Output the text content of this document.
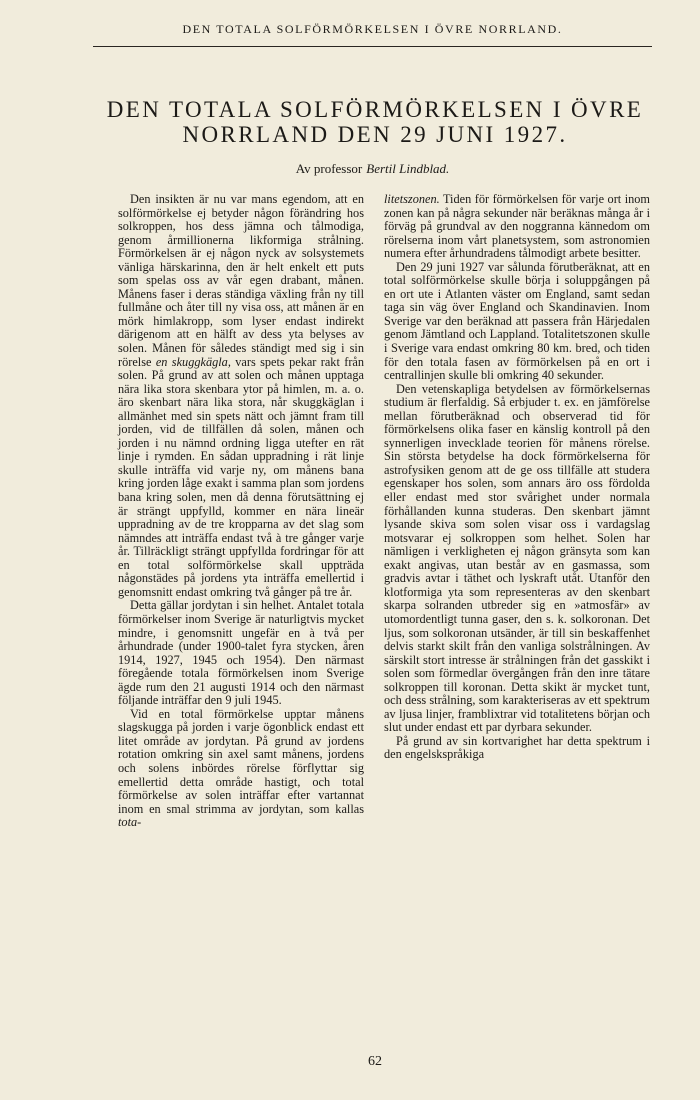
DEN TOTALA SOLFÖRMÖRKELSEN I ÖVRE NORRLAND.
DEN TOTALA SOLFÖRMÖRKELSEN I ÖVRE
NORRLAND DEN 29 JUNI 1927.
Av professor Bertil Lindblad.

Den insikten är nu var mans egendom, att en solförmörkelse ej betyder någon förändring hos solkroppen, hos dess jämna och tålmodiga, genom årmillionerna likformiga strålning. Förmörkelsen är ej någon nyck av solsystemets vänliga härskarinna, den är helt enkelt ett puts som spelas oss av vår egen drabant, månen. Månens faser i deras ständiga växling från ny till fullmåne och åter till ny visa oss, att månen är en mörk himlakropp, som lyser endast indirekt därigenom att en hälft av dess yta belyses av solen. Månen för således ständigt med sig i sin rörelse en skuggkägla, vars spets pekar rakt från solen. På grund av att solen och månen upptaga nära lika stora skenbara ytor på himlen, m. a. o. äro skenbart nära lika stora, når skuggkäglan i allmänhet med sin spets nätt och jämnt fram till jorden, vid de tillfällen då solen, månen och jorden i nu nämnd ordning ligga utefter en rät linje i rymden. En sådan uppradning i rät linje skulle inträffa vid varje ny, om månens bana kring jorden låge exakt i samma plan som jordens bana kring solen, men då denna förutsättning ej är strängt uppfylld, kommer en nära lineär uppradning av de tre kropparna av det slag som nämndes att inträffa endast två à tre gånger varje år. Tillräckligt strängt uppfyllda fordringar för att en total solförmörkelse skall uppträda någonstädes på jordens yta inträffa emellertid i genomsnitt endast omkring två gånger på tre år.

Detta gällar jordytan i sin helhet. Antalet totala förmörkelser inom Sverige är naturligtvis mycket mindre, i genomsnitt ungefär en à två per århundrade (under 1900-talet fyra stycken, åren 1914, 1927, 1945 och 1954). Den närmast föregående totala förmörkelsen inom Sverige ägde rum den 21 augusti 1914 och den närmast följande inträffar den 9 juli 1945.

Vid en total förmörkelse upptar månens slagskugga på jorden i varje ögonblick endast ett litet område av jordytan. På grund av jordens rotation omkring sin axel samt månens, jordens och solens inbördes rörelse förflyttar sig emellertid detta område hastigt, och total förmörkelse av solen inträffar efter vartannat inom en smal strimma av jordytan, som kallas tota-

litetszonen. Tiden för förmörkelsen för varje ort inom zonen kan på några sekunder när beräknas många år i förväg på grundval av den noggranna kännedom om rörelserna inom vårt planetsystem, som astronomien numera efter århundradens tålmodigt arbete besitter.

Den 29 juni 1927 var sålunda förutberäknat, att en total solförmörkelse skulle börja i soluppgången på en ort ute i Atlanten väster om England, samt sedan taga sin väg över England och Skandinavien. Inom Sverige var den beräknad att passera från Härjedalen genom Jämtland och Lappland. Totalitetszonen skulle i Sverige vara endast omkring 80 km. bred, och tiden för den totala fasen av förmörkelsen på en ort i centrallinjen skulle bli omkring 40 sekunder.

Den vetenskapliga betydelsen av förmörkelsernas studium är flerfaldig. Så erbjuder t. ex. en jämförelse mellan förutberäknad och observerad tid för förmörkelsens olika faser en känslig kontroll på den synnerligen invecklade teorien för månens rörelse. Sin största betydelse ha dock förmörkelserna för astrofysiken genom att de ge oss tillfälle att studera egenskaper hos solen, som annars äro oss fördolda eller endast med stor svårighet under normala förhållanden kunna studeras. Den skenbart jämnt lysande skiva som solen visar oss i vardagslag motsvarar ej solkroppen som helhet. Solen har nämligen i verkligheten ej någon gränsyta som kan exakt angivas, utan består av en gasmassa, som gradvis avtar i täthet och lyskraft utåt. Utanför den klotformiga yta som representeras av den skenbart skarpa solranden utbreder sig en »atmosfär» av utomordentligt tunna gaser, den s. k. solkoronan. Det ljus, som solkoronan utsänder, är till sin beskaffenhet delvis starkt skilt från den vanliga solstrålningen. Av särskilt stort intresse är strålningen från det gasskikt i solen som förmedlar övergången från den inre tätare solkroppen till koronan. Detta skikt är mycket tunt, och dess strålning, som karakteriseras av ett spektrum av ljusa linjer, framblixtrar vid totalitetens början och slut under endast ett par dyrbara sekunder.

På grund av sin kortvarighet har detta spektrum i den engelskspråkiga

62
